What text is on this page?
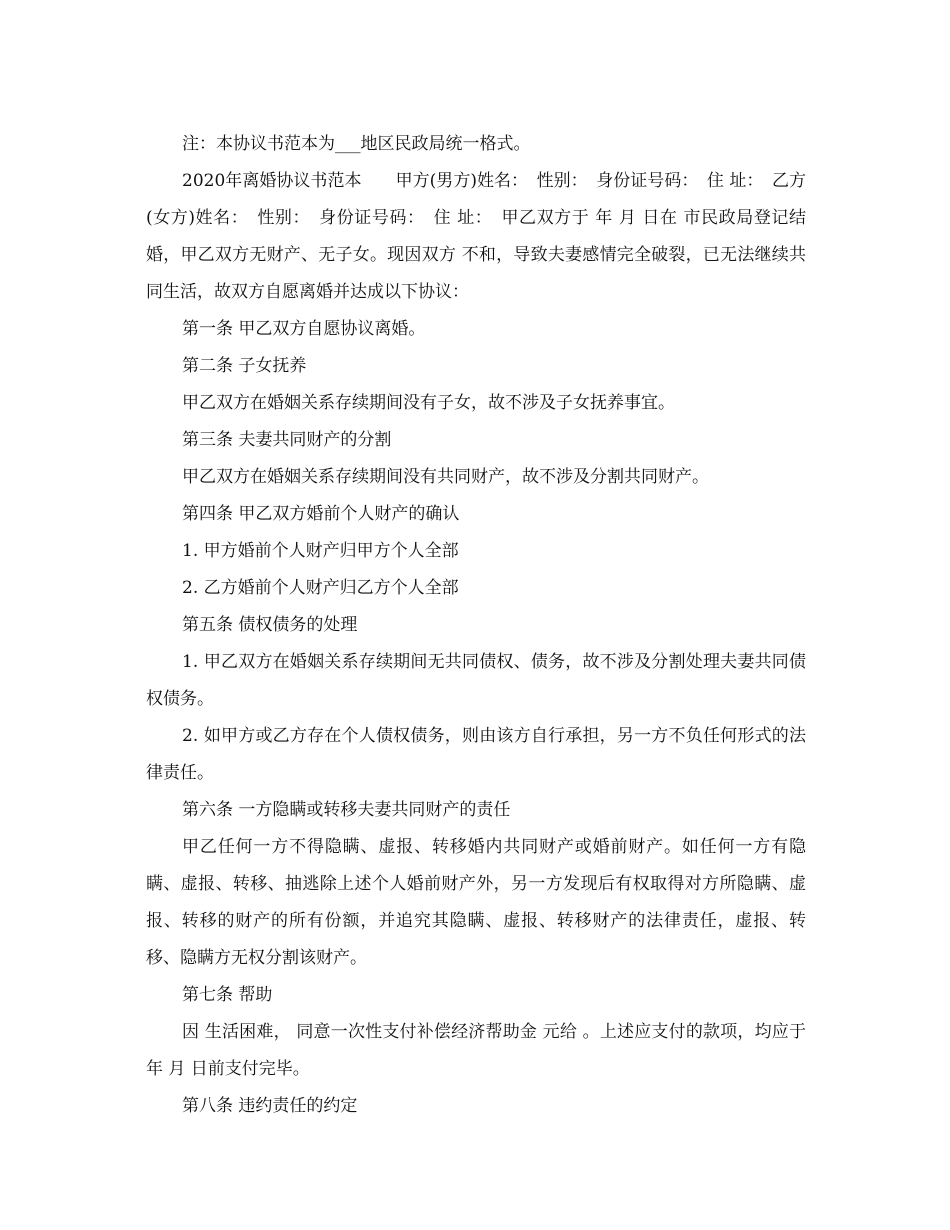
注：本协议书范本为___地区民政局统一格式。

2020年离婚协议书范本　　甲方(男方)姓名：　性别：　身份证号码：　住 址：　乙方(女方)姓名：　性别：　身份证号码：　住 址：　甲乙双方于 年 月 日在 市民政局登记结婚，甲乙双方无财产、无子女。现因双方 不和，导致夫妻感情完全破裂，已无法继续共同生活，故双方自愿离婚并达成以下协议：

第一条 甲乙双方自愿协议离婚。

第二条 子女抚养

甲乙双方在婚姻关系存续期间没有子女，故不涉及子女抚养事宜。

第三条 夫妻共同财产的分割

甲乙双方在婚姻关系存续期间没有共同财产，故不涉及分割共同财产。

第四条 甲乙双方婚前个人财产的确认

1. 甲方婚前个人财产归甲方个人全部

2. 乙方婚前个人财产归乙方个人全部

第五条 债权债务的处理

1. 甲乙双方在婚姻关系存续期间无共同债权、债务，故不涉及分割处理夫妻共同债权债务。

2. 如甲方或乙方存在个人债权债务，则由该方自行承担，另一方不负任何形式的法律责任。

第六条 一方隐瞒或转移夫妻共同财产的责任

甲乙任何一方不得隐瞒、虚报、转移婚内共同财产或婚前财产。如任何一方有隐瞒、虚报、转移、抽逃除上述个人婚前财产外，另一方发现后有权取得对方所隐瞒、虚报、转移的财产的所有份额，并追究其隐瞒、虚报、转移财产的法律责任，虚报、转移、隐瞒方无权分割该财产。

第七条 帮助

因 生活困难， 同意一次性支付补偿经济帮助金 元给 。上述应支付的款项，均应于 年 月 日前支付完毕。

第八条 违约责任的约定
